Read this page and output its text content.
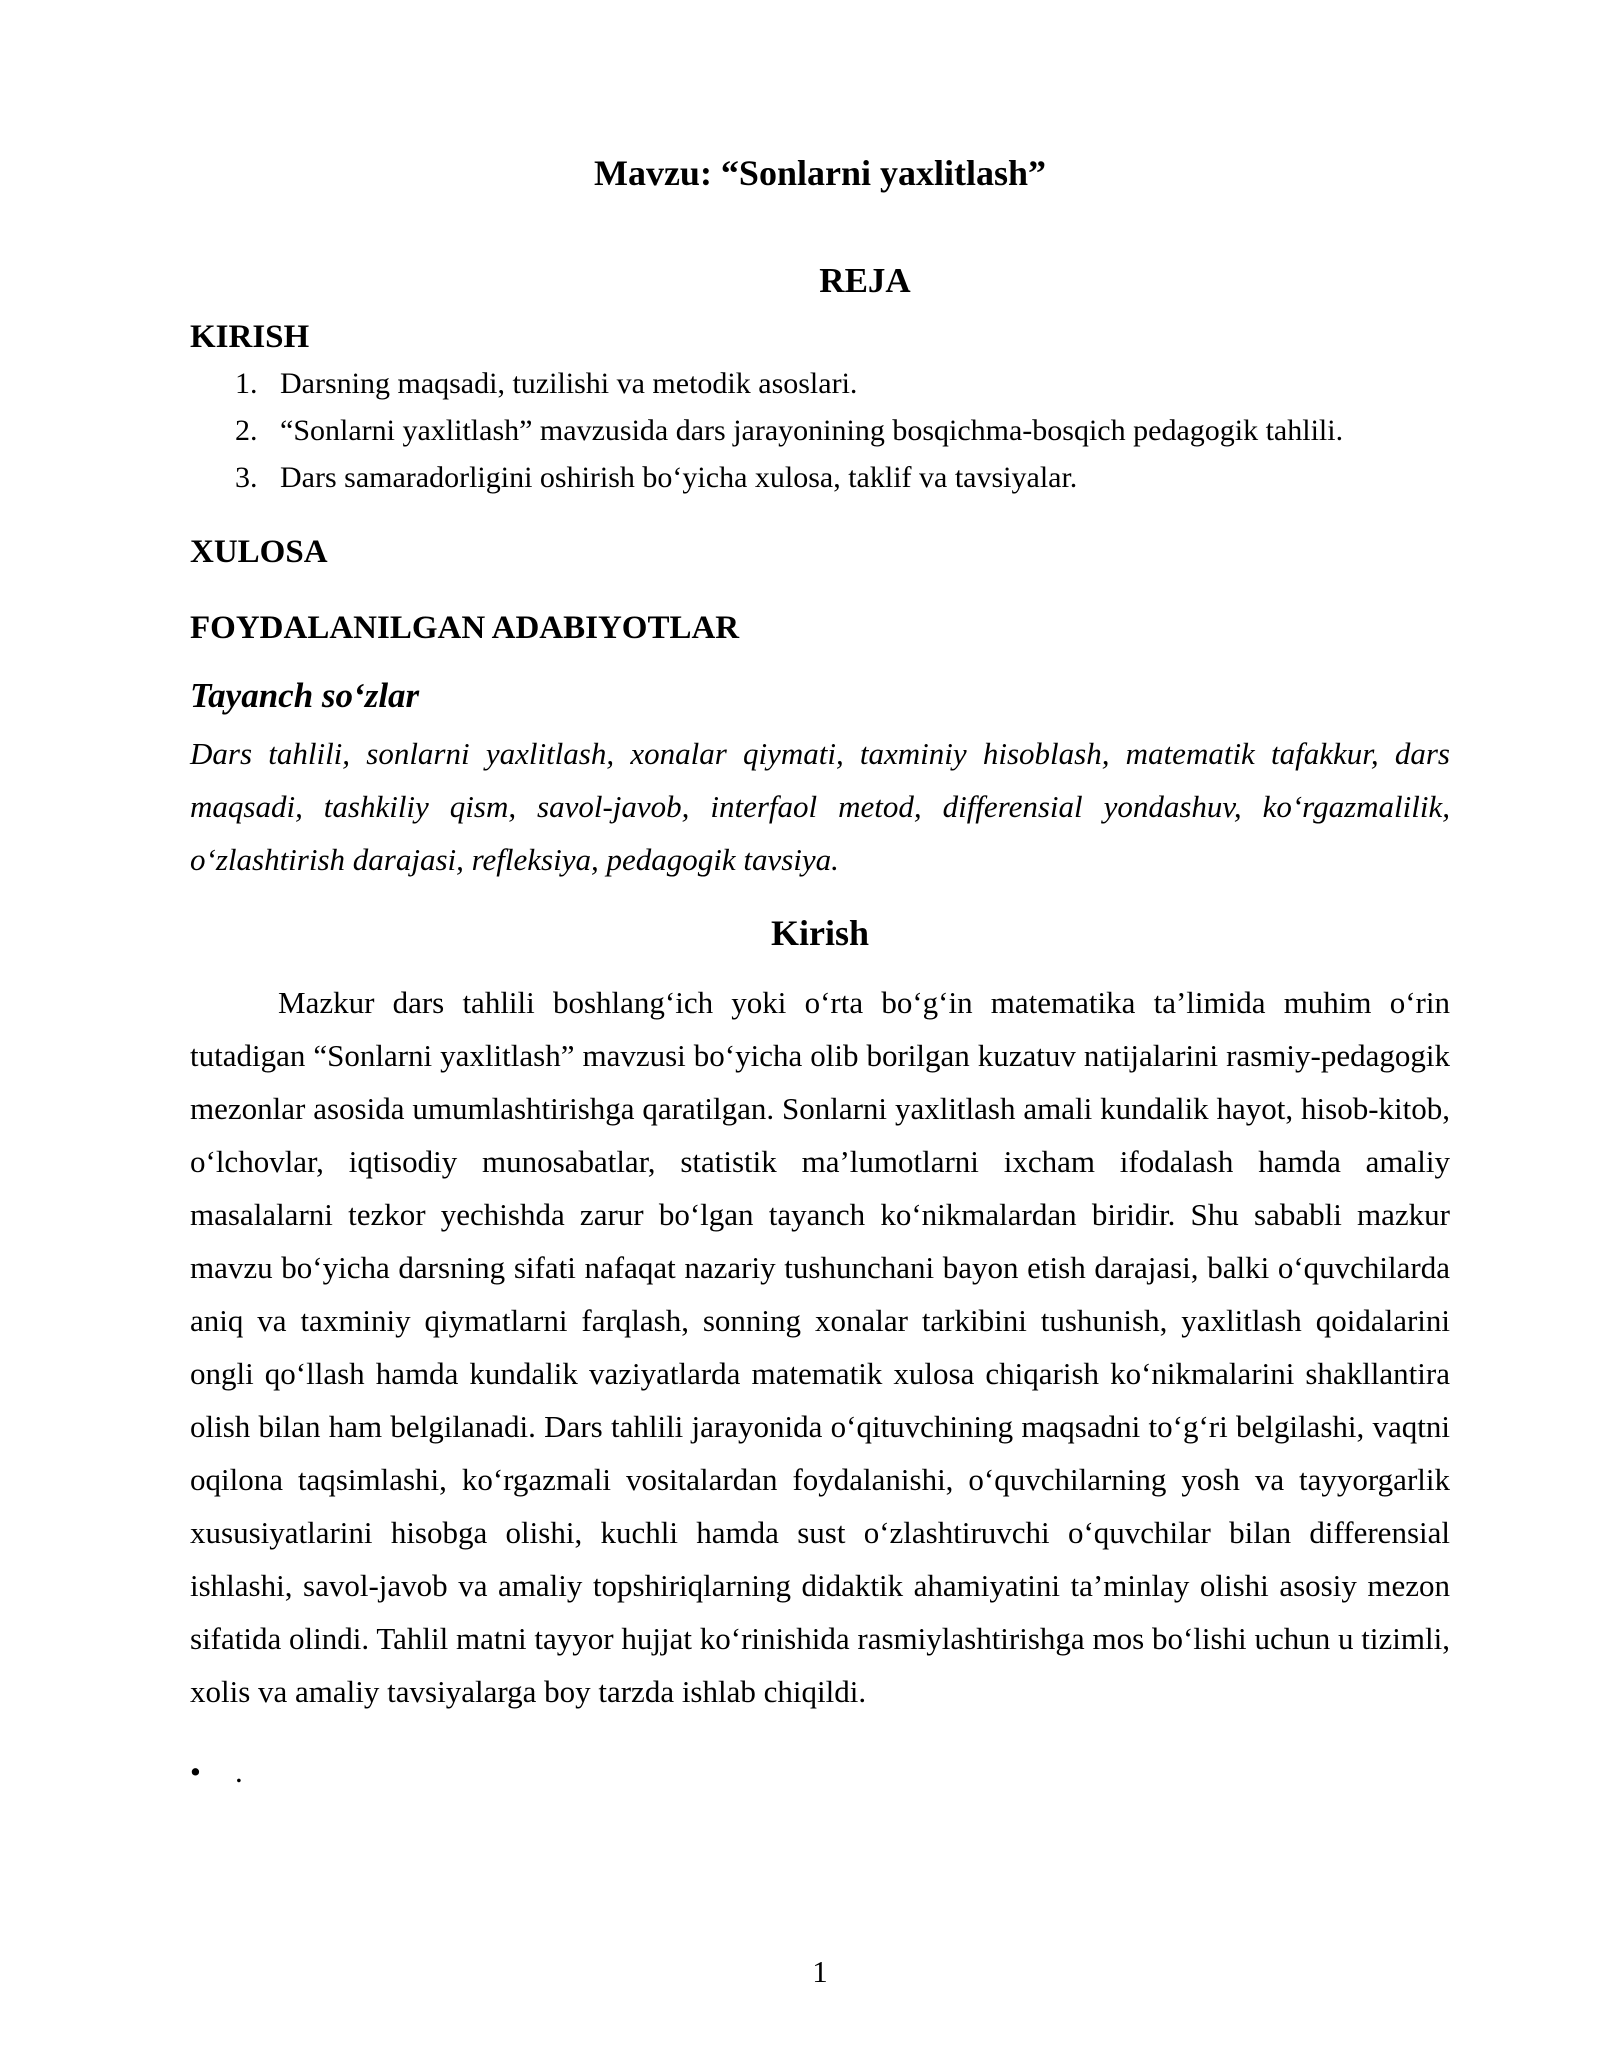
Mavzu: “Sonlarni yaxlitlash”
REJA
KIRISH
1. Darsning maqsadi, tuzilishi va metodik asoslari.
2. “Sonlarni yaxlitlash” mavzusida dars jarayonining bosqichma-bosqich pedagogik tahlili.
3. Dars samaradorligini oshirish bo‘yicha xulosa, taklif va tavsiyalar.
XULOSA
FOYDALANILGAN ADABIYOTLAR
Tayanch so‘zlar

Dars tahlili, sonlarni yaxlitlash, xonalar qiymati, taxminiy hisoblash, matematik tafakkur, dars maqsadi, tashkiliy qism, savol-javob, interfaol metod, differensial yondashuv, ko‘rgazmalilik, o‘zlashtirish darajasi, refleksiya, pedagogik tavsiya.

Kirish

Mazkur dars tahlili boshlang‘ich yoki o‘rta bo‘g‘in matematika ta’limida muhim o‘rin tutadigan “Sonlarni yaxlitlash” mavzusi bo‘yicha olib borilgan kuzatuv natijalarini rasmiy-pedagogik mezonlar asosida umumlashtirishga qaratilgan. Sonlarni yaxlitlash amali kundalik hayot, hisob-kitob, o‘lchovlar, iqtisodiy munosabatlar, statistik ma’lumotlarni ixcham ifodalash hamda amaliy masalalarni tezkor yechishda zarur bo‘lgan tayanch ko‘nikmalardan biridir. Shu sababli mazkur mavzu bo‘yicha darsning sifati nafaqat nazariy tushunchani bayon etish darajasi, balki o‘quvchilarda aniq va taxminiy qiymatlarni farqlash, sonning xonalar tarkibini tushunish, yaxlitlash qoidalarini ongli qo‘llash hamda kundalik vaziyatlarda matematik xulosa chiqarish ko‘nikmalarini shakllantira olish bilan ham belgilanadi. Dars tahlili jarayonida o‘qituvchining maqsadni to‘g‘ri belgilashi, vaqtni oqilona taqsimlashi, ko‘rgazmali vositalardan foydalanishi, o‘quvchilarning yosh va tayyorgarlik xususiyatlarini hisobga olishi, kuchli hamda sust o‘zlashtiruvchi o‘quvchilar bilan differensial ishlashi, savol-javob va amaliy topshiriqlarning didaktik ahamiyatini ta’minlay olishi asosiy mezon sifatida olindi. Tahlil matni tayyor hujjat ko‘rinishida rasmiylashtirishga mos bo‘lishi uchun u tizimli, xolis va amaliy tavsiyalarga boy tarzda ishlab chiqildi.

• .
1
